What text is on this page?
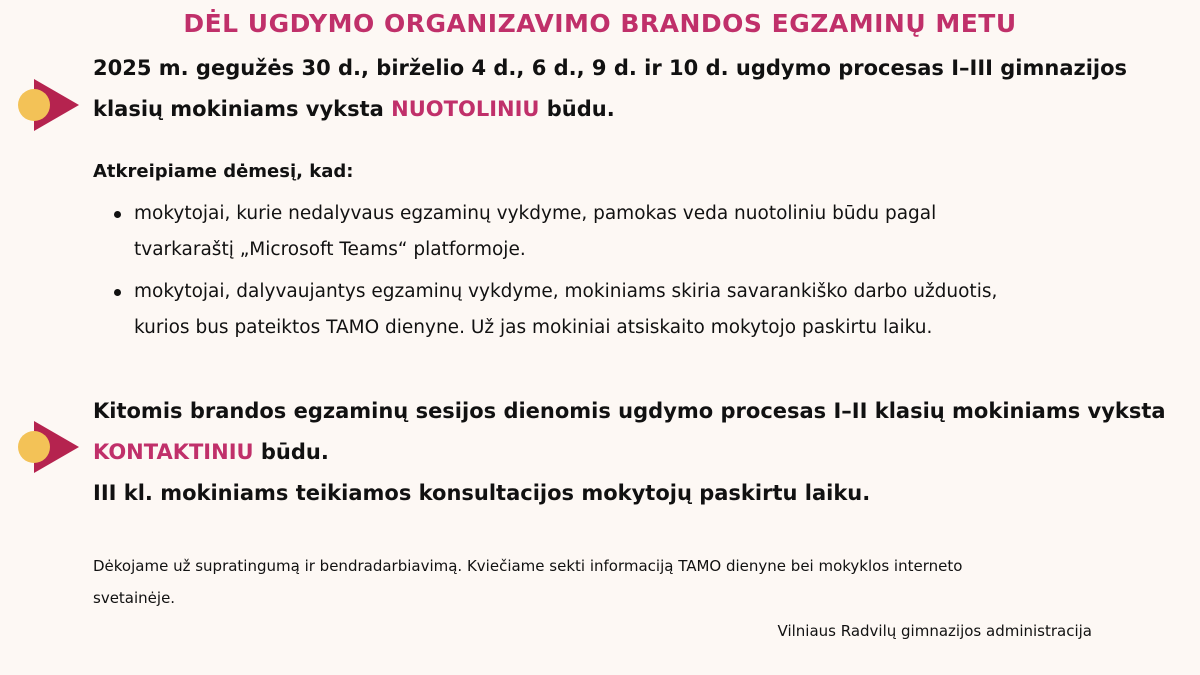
DĖL UGDYMO ORGANIZAVIMO BRANDOS EGZAMINŲ METU
2025 m. gegužės 30 d., birželio 4 d., 6 d., 9 d. ir 10 d. ugdymo procesas I–III gimnazijos
klasių mokiniams vyksta NUOTOLINIU būdu.
Atkreipiame dėmesį, kad:
mokytojai, kurie nedalyvaus egzaminų vykdyme, pamokas veda nuotoliniu būdu pagal
tvarkaraštį „Microsoft Teams“ platformoje.
mokytojai, dalyvaujantys egzaminų vykdyme, mokiniams skiria savarankiško darbo užduotis,
kurios bus pateiktos TAMO dienyne. Už jas mokiniai atsiskaito mokytojo paskirtu laiku.
Kitomis brandos egzaminų sesijos dienomis ugdymo procesas I–II klasių mokiniams vyksta
KONTAKTINIU būdu.
III kl. mokiniams teikiamos konsultacijos mokytojų paskirtu laiku.
Dėkojame už supratingumą ir bendradarbiavimą. Kviečiame sekti informaciją TAMO dienyne bei mokyklos interneto
svetainėje.
Vilniaus Radvilų gimnazijos administracija
